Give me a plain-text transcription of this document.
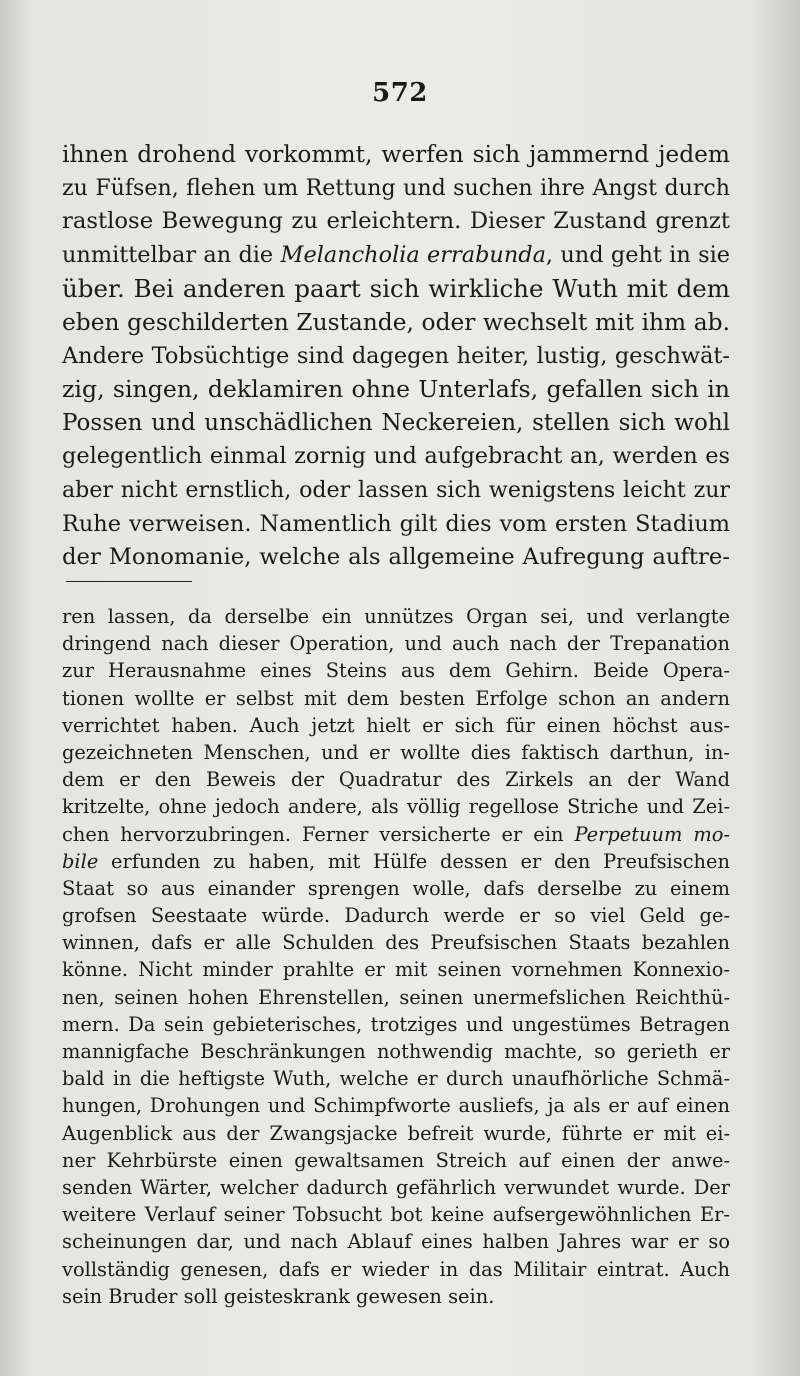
572
ihnen drohend vorkommt, werfen sich jammernd jedem
zu Füfsen, flehen um Rettung und suchen ihre Angst durch
rastlose Bewegung zu erleichtern. Dieser Zustand grenzt
unmittelbar an die Melancholia errabunda, und geht in sie
über. Bei anderen paart sich wirkliche Wuth mit dem
eben geschilderten Zustande, oder wechselt mit ihm ab.
Andere Tobsüchtige sind dagegen heiter, lustig, geschwät-
zig, singen, deklamiren ohne Unterlafs, gefallen sich in
Possen und unschädlichen Neckereien, stellen sich wohl
gelegentlich einmal zornig und aufgebracht an, werden es
aber nicht ernstlich, oder lassen sich wenigstens leicht zur
Ruhe verweisen. Namentlich gilt dies vom ersten Stadium
der Monomanie, welche als allgemeine Aufregung auftre-
ren lassen, da derselbe ein unnützes Organ sei, und verlangte
dringend nach dieser Operation, und auch nach der Trepanation
zur Herausnahme eines Steins aus dem Gehirn. Beide Opera-
tionen wollte er selbst mit dem besten Erfolge schon an andern
verrichtet haben. Auch jetzt hielt er sich für einen höchst aus-
gezeichneten Menschen, und er wollte dies faktisch darthun, in-
dem er den Beweis der Quadratur des Zirkels an der Wand
kritzelte, ohne jedoch andere, als völlig regellose Striche und Zei-
chen hervorzubringen. Ferner versicherte er ein Perpetuum mo-
bile erfunden zu haben, mit Hülfe dessen er den Preufsischen
Staat so aus einander sprengen wolle, dafs derselbe zu einem
grofsen Seestaate würde. Dadurch werde er so viel Geld ge-
winnen, dafs er alle Schulden des Preufsischen Staats bezahlen
könne. Nicht minder prahlte er mit seinen vornehmen Konnexio-
nen, seinen hohen Ehrenstellen, seinen unermefslichen Reichthü-
mern. Da sein gebieterisches, trotziges und ungestümes Betragen
mannigfache Beschränkungen nothwendig machte, so gerieth er
bald in die heftigste Wuth, welche er durch unaufhörliche Schmä-
hungen, Drohungen und Schimpfworte ausliefs, ja als er auf einen
Augenblick aus der Zwangsjacke befreit wurde, führte er mit ei-
ner Kehrbürste einen gewaltsamen Streich auf einen der anwe-
senden Wärter, welcher dadurch gefährlich verwundet wurde. Der
weitere Verlauf seiner Tobsucht bot keine aufsergewöhnlichen Er-
scheinungen dar, und nach Ablauf eines halben Jahres war er so
vollständig genesen, dafs er wieder in das Militair eintrat. Auch
sein Bruder soll geisteskrank gewesen sein.
